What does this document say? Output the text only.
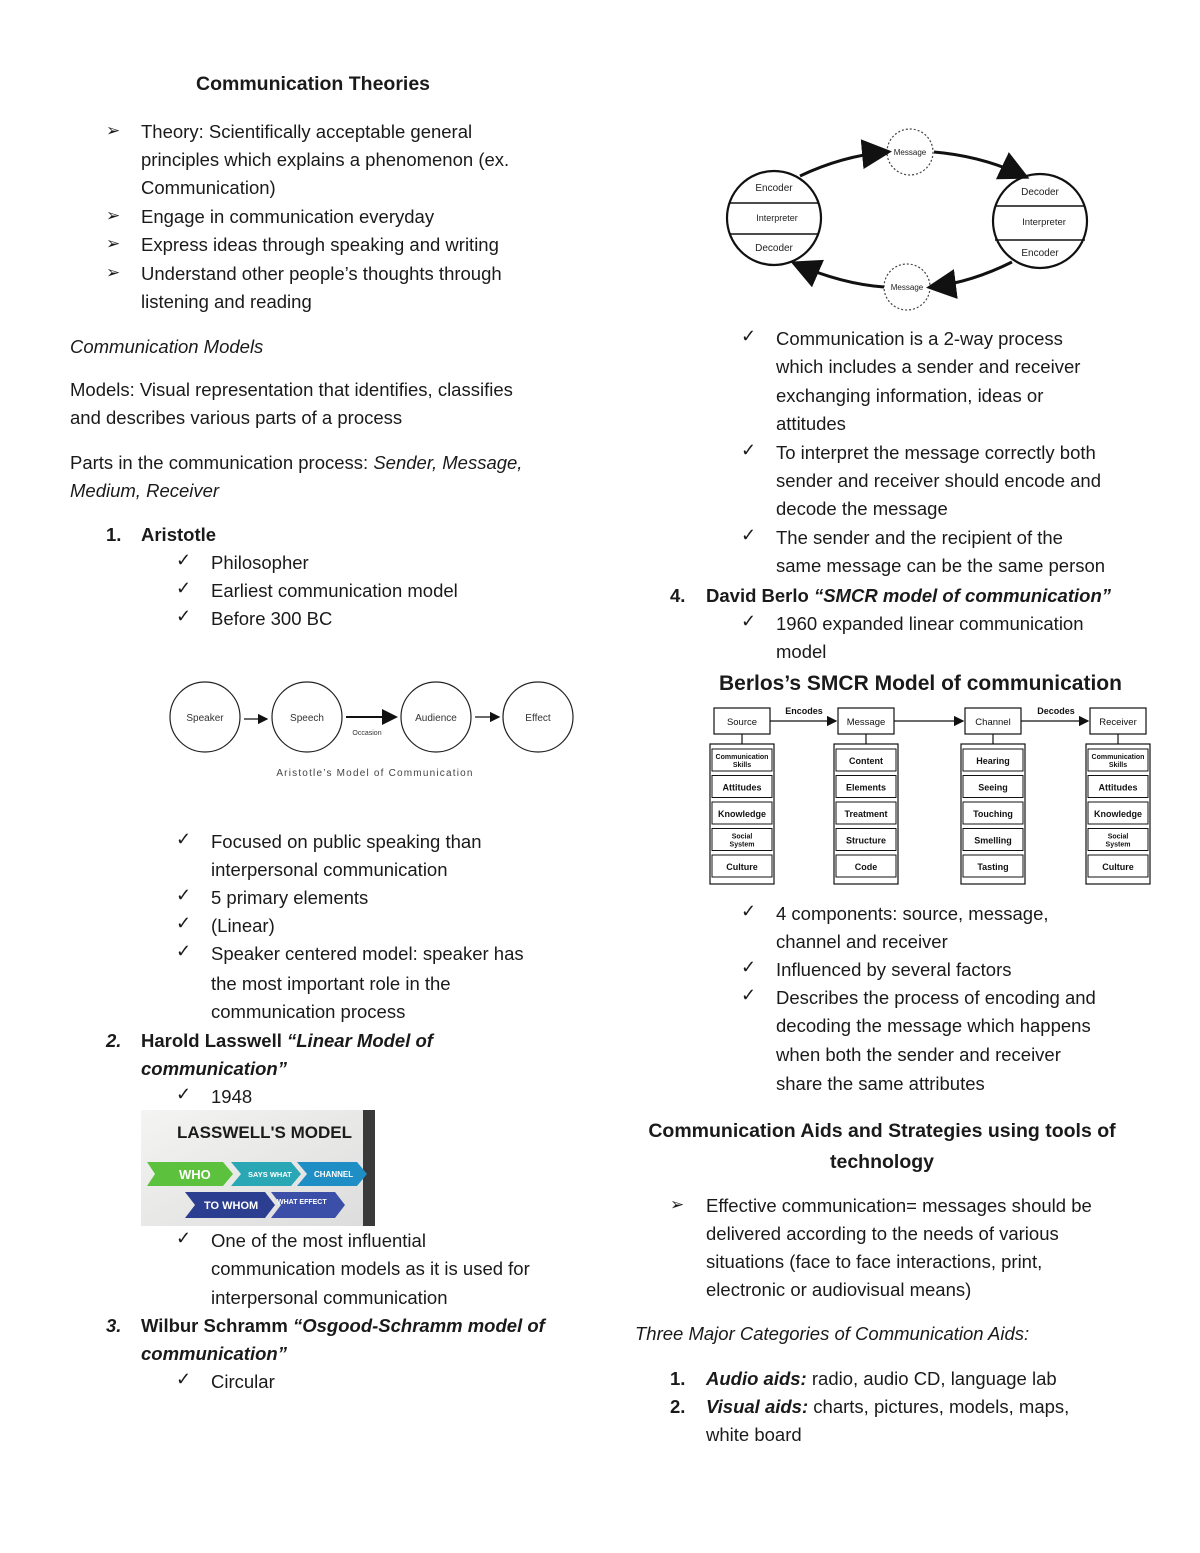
Communication Theories
➢ Theory: Scientifically acceptable general
principles which explains a phenomenon (ex.
Communication)
➢ Engage in communication everyday
➢ Express ideas through speaking and writing
➢ Understand other people’s thoughts through
listening and reading
Communication Models
Models: Visual representation that identifies, classifies
and describes various parts of a process
Parts in the communication process: Sender, Message,
Medium, Receiver
1. Aristotle
✓ Philosopher
✓ Earliest communication model
✓ Before 300 BC
Speaker	Speech	Audience	Effect
Occasion
Aristotle’s Model of Communication
✓ Focused on public speaking than
interpersonal communication
✓ 5 primary elements
✓ (Linear)
✓ Speaker centered model: speaker has
the most important role in the
communication process
2. Harold Lasswell “Linear Model of
communication”
✓ 1948
LASSWELL'S MODEL
WHO	SAYS WHAT	CHANNEL
TO WHOM	WHAT EFFECT
✓ One of the most influential
communication models as it is used for
interpersonal communication
3. Wilbur Schramm “Osgood-Schramm model of
communication”
✓ Circular
Encoder
Interpreter
Decoder
Decoder
Interpreter
Encoder
Message
Message
✓ Communication is a 2-way process
which includes a sender and receiver
exchanging information, ideas or
attitudes
✓ To interpret the message correctly both
sender and receiver should encode and
decode the message
✓ The sender and the recipient of the
same message can be the same person
4. David Berlo “SMCR model of communication”
✓ 1960 expanded linear communication
model
Berlos’s SMCR Model of communication
Source
Communication Skills
Attitudes
Knowledge
Social System
Culture
Message
Content
Elements
Treatment
Structure
Code
Channel
Hearing
Seeing
Touching
Smelling
Tasting
Receiver
Communication Skills
Attitudes
Knowledge
Social System
Culture
Encodes	Decodes
✓ 4 components: source, message,
channel and receiver
✓ Influenced by several factors
✓ Describes the process of encoding and
decoding the message which happens
when both the sender and receiver
share the same attributes
Communication Aids and Strategies using tools of
technology
➢ Effective communication= messages should be
delivered according to the needs of various
situations (face to face interactions, print,
electronic or audiovisual means)
Three Major Categories of Communication Aids:
1. Audio aids: radio, audio CD, language lab
2. Visual aids: charts, pictures, models, maps,
white board
